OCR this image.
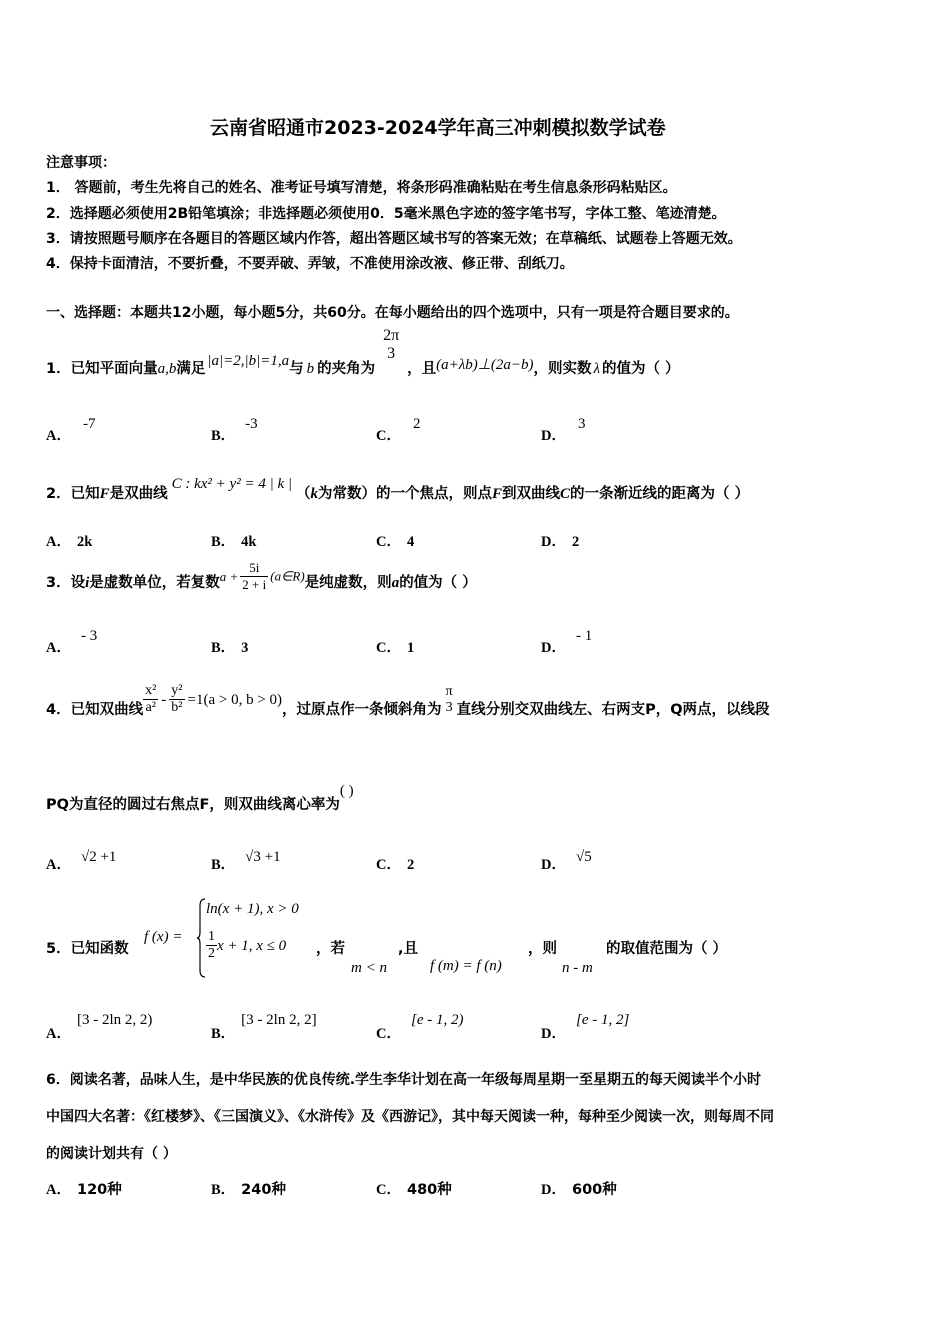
云南省昭通市2023-2024学年高三冲刺模拟数学试卷
注意事项：
1． 答题前，考生先将自己的姓名、准考证号填写清楚，将条形码准确粘贴在考生信息条形码粘贴区。
2．选择题必须使用2B铅笔填涂；非选择题必须使用0．5毫米黑色字迹的签字笔书写，字体工整、笔迹清楚。
3．请按照题号顺序在各题目的答题区域内作答，超出答题区域书写的答案无效；在草稿纸、试题卷上答题无效。
4．保持卡面清洁，不要折叠，不要弄破、弄皱，不准使用涂改液、修正带、刮纸刀。
一、选择题：本题共12小题，每小题5分，共60分。在每小题给出的四个选项中，只有一项是符合题目要求的。
1．已知平面向量a,b满足 |a|=2,|b|=1,a与 b 的夹角为
2π
3
，且(a+λb)⊥(2a−b)，则实数 λ 的值为（ ）
A．-7
B．-3
C．2
D．3
2．已知F是双曲线C : kx² + y² = 4 | k |（k为常数）的一个焦点，则点F到双曲线C的一条渐近线的距离为（ ）
A． 2k	B． 4k	C． 4	D． 2
3．设i是虚数单位，若复数$a + \frac{5i}{2 + i}$ (a∈R)是纯虚数，则a的值为（ ）
A．- 3
B． 3	C． 1	D．- 1
4．已知双曲线 $\frac{\text{x²}}{\text{a²}} - \frac{\text{y²}}{\text{b²}} =1(a > 0$, b > 0)，过原点作一条倾斜角为
π
3 直线分别交双曲线左、右两支P，Q两点，以线段
PQ为直径的圆过右焦点F，则双曲线离心率为( )
A． √2 +1	B． √3 +1	C． 2	D． √5
5．已知函数
f (x) =
ln(x + 1), x > 0
$\frac{1}{2}$ x + 1, x ≤ 0 ，若
m < n
,且
f (m) = f (n)
，则
n - m
的取值范围为（ ）
A．[3 - 2ln 2, 2)
B．[3 - 2ln 2, 2]
C．[e - 1, 2)
D．[e - 1, 2]
6．阅读名著，品味人生，是中华民族的优良传统.学生李华计划在高一年级每周星期一至星期五的每天阅读半个小时
中国四大名著：《红楼梦》、《三国演义》、《水浒传》及《西游记》，其中每天阅读一种，每种至少阅读一次，则每周不同
的阅读计划共有（ ）
A． 120种	B． 240种	C． 480种	D． 600种
